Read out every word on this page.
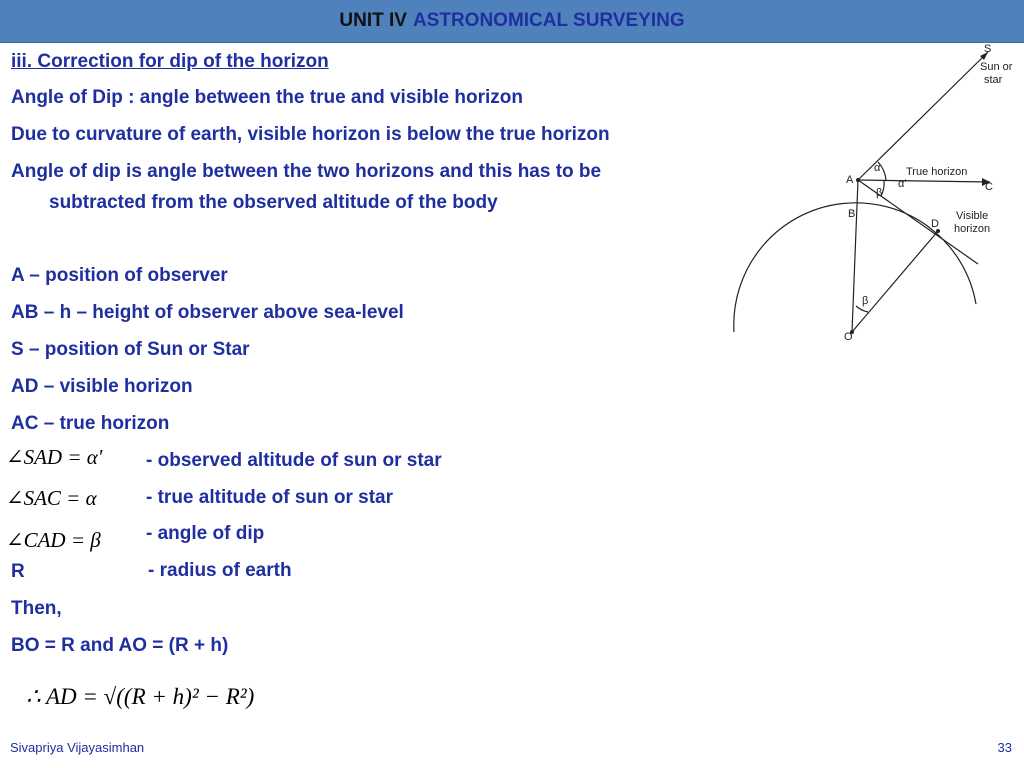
UNIT IV ASTRONOMICAL SURVEYING
iii. Correction for dip of the horizon
Angle of Dip : angle between the true and visible horizon
Due to curvature of earth, visible horizon is below the true horizon
Angle of dip is angle between the two horizons and this has to be
subtracted from the observed altitude of the body
A – position of observer
AB – h – height of observer above sea-level
S – position of Sun or Star
AD – visible horizon
AC – true horizon
∠SAD = α' - observed altitude of sun or star
∠SAC = α	- true altitude of sun or star
∠CAD = β - angle of dip
R	- radius of earth
Then,
BO = R and AO = (R + h)
∴ AD = √((R + h)² − R²)
S
Sun or
star
True horizon
A
C
B
D
Visible
horizon
O
α
α'
β
β
Sivapriya Vijayasimhan	33
